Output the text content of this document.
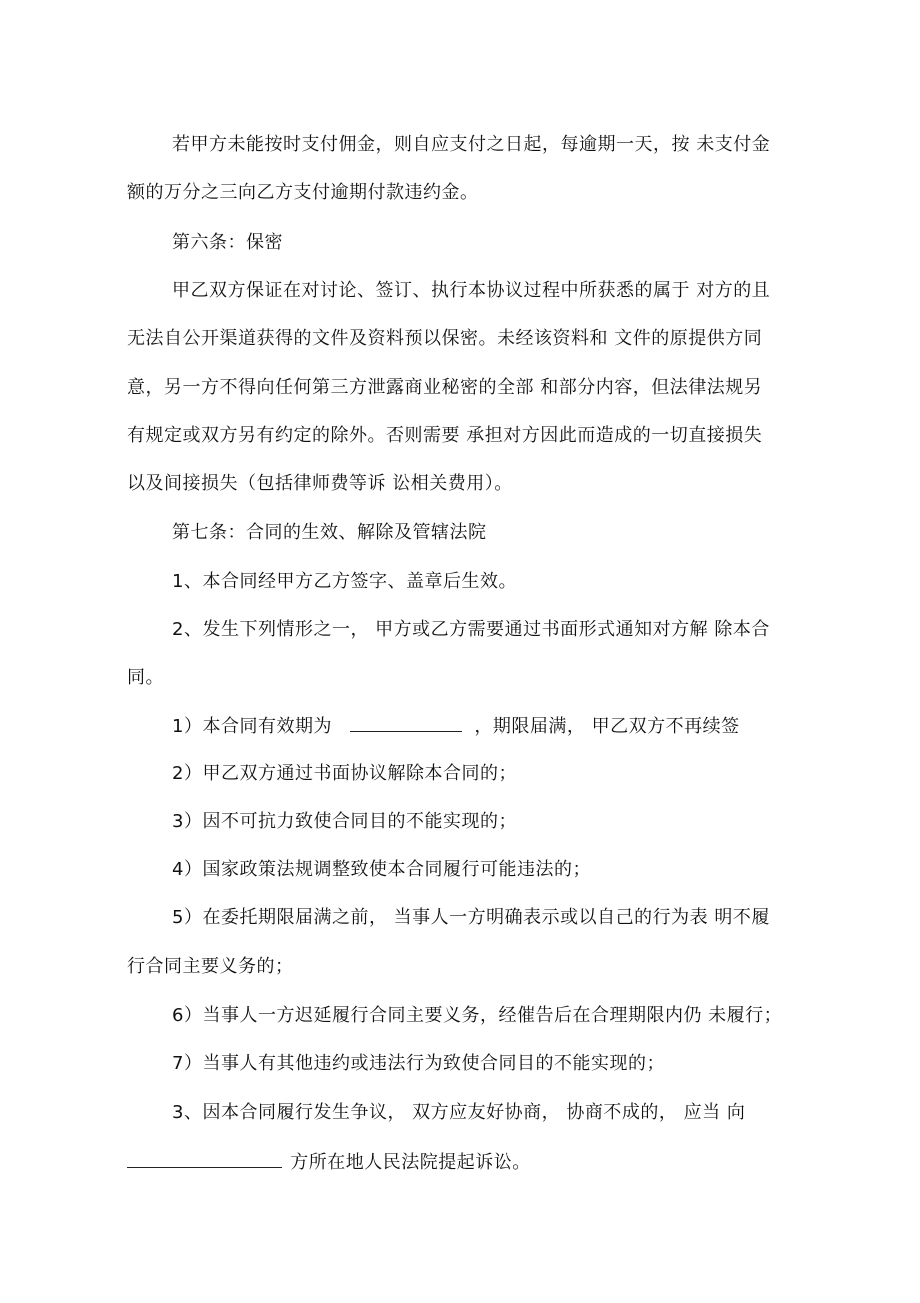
若甲方未能按时支付佣金，则自应支付之日起，每逾期一天，按 未支付金
额的万分之三向乙方支付逾期付款违约金。
第六条：保密
甲乙双方保证在对讨论、签订、执行本协议过程中所获悉的属于 对方的且
无法自公开渠道获得的文件及资料预以保密。未经该资料和 文件的原提供方同
意，另一方不得向任何第三方泄露商业秘密的全部 和部分内容，但法律法规另
有规定或双方另有约定的除外。否则需要 承担对方因此而造成的一切直接损失
以及间接损失（包括律师费等诉 讼相关费用）。
第七条：合同的生效、解除及管辖法院
1、本合同经甲方乙方签字、盖章后生效。
2、发生下列情形之一， 甲方或乙方需要通过书面形式通知对方解 除本合
同。
1）本合同有效期为	，期限届满， 甲乙双方不再续签
2）甲乙双方通过书面协议解除本合同的；
3）因不可抗力致使合同目的不能实现的；
4）国家政策法规调整致使本合同履行可能违法的；
5）在委托期限届满之前， 当事人一方明确表示或以自己的行为表 明不履
行合同主要义务的；
6）当事人一方迟延履行合同主要义务，经催告后在合理期限内仍 未履行；
7）当事人有其他违约或违法行为致使合同目的不能实现的；
3、因本合同履行发生争议， 双方应友好协商， 协商不成的， 应当 向
方所在地人民法院提起诉讼。
